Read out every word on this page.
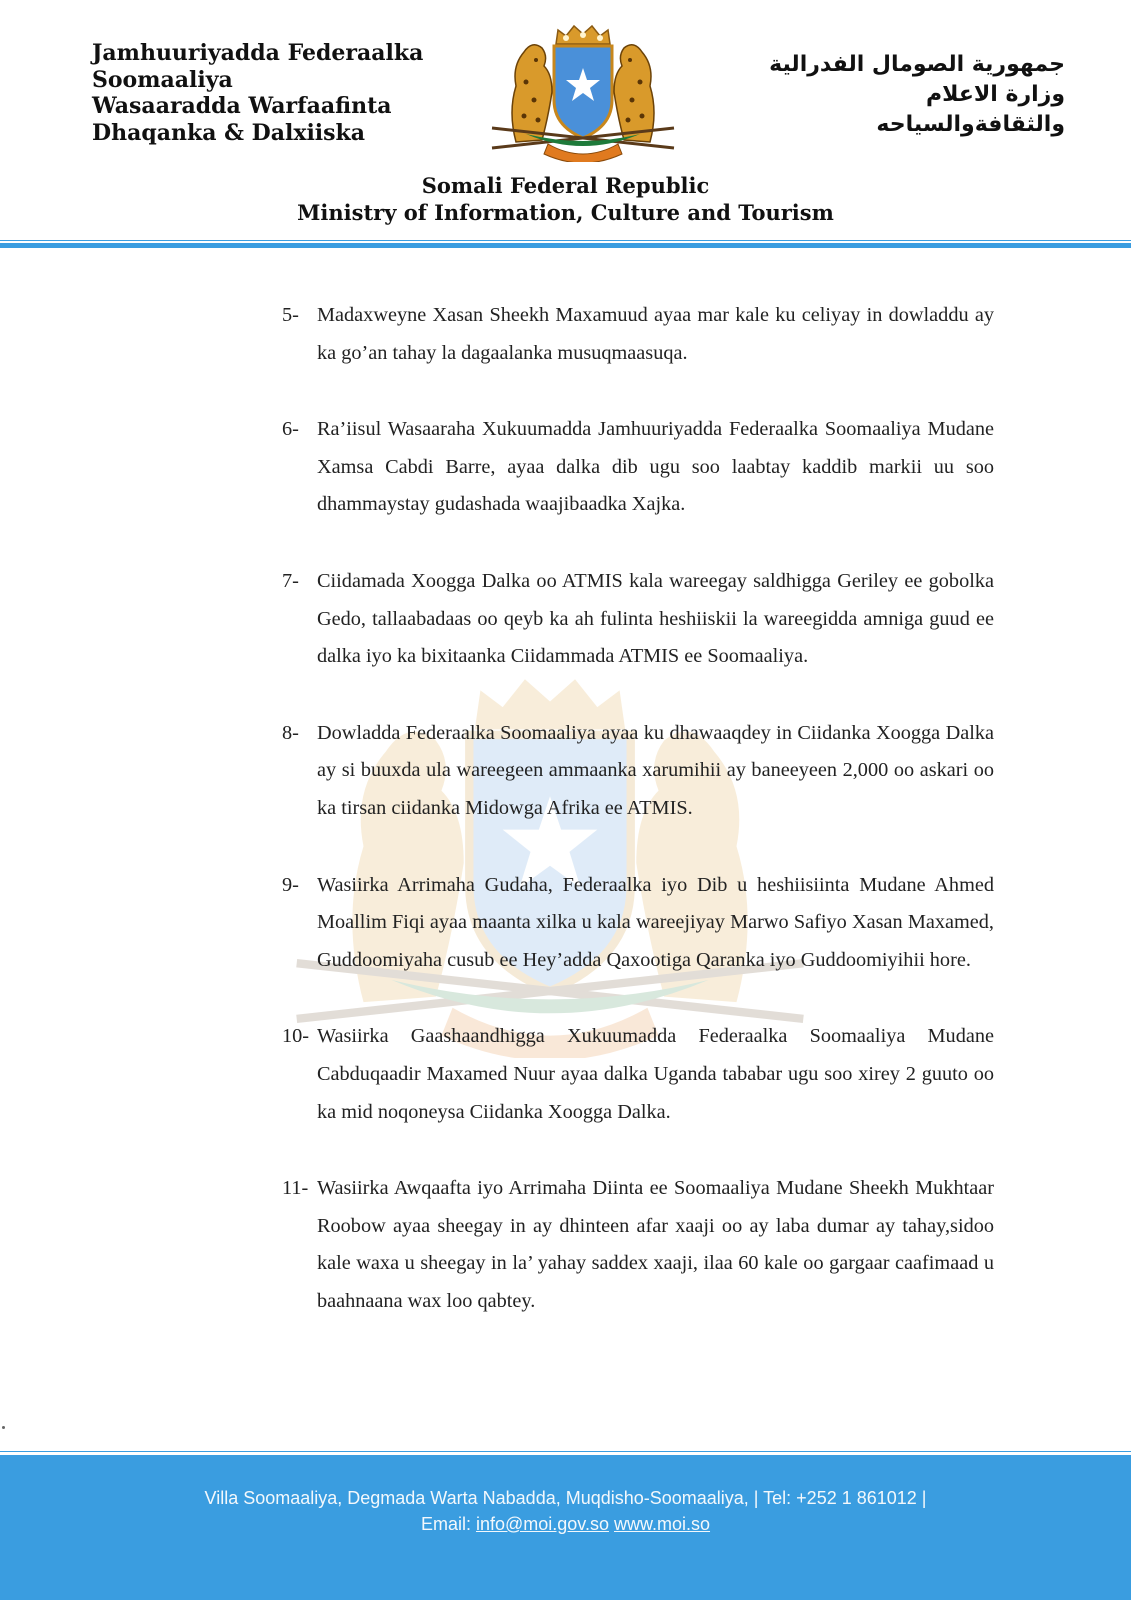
Jamhuuriyadda Federaalka
Soomaaliya
Wasaaradda Warfaafinta
Dhaqanka & Dalxiiska
جمهورية الصومال الفدرالية
وزارة الاعلام
والثقافةوالسياحه
Somali Federal Republic
Ministry of Information, Culture and Tourism
5- Madaxweyne Xasan Sheekh Maxamuud ayaa mar kale ku celiyay in dowladdu ay ka go’an tahay la dagaalanka musuqmaasuqa.
6- Ra’iisul Wasaaraha Xukuumadda Jamhuuriyadda Federaalka Soomaaliya Mudane Xamsa Cabdi Barre, ayaa dalka dib ugu soo laabtay kaddib markii uu soo dhammaystay gudashada waajibaadka Xajka.
7- Ciidamada Xoogga Dalka oo ATMIS kala wareegay saldhigga Geriley ee gobolka Gedo, tallaabadaas oo qeyb ka ah fulinta heshiiskii la wareegidda amniga guud ee dalka iyo ka bixitaanka Ciidammada ATMIS ee Soomaaliya.
8- Dowladda Federaalka Soomaaliya ayaa ku dhawaaqdey in Ciidanka Xoogga Dalka ay si buuxda ula wareegeen ammaanka xarumihii ay baneeyeen 2,000 oo askari oo ka tirsan ciidanka Midowga Afrika ee ATMIS.
9- Wasiirka Arrimaha Gudaha, Federaalka iyo Dib u heshiisiinta Mudane Ahmed Moallim Fiqi ayaa maanta xilka u kala wareejiyay Marwo Safiyo Xasan Maxamed, Guddoomiyaha cusub ee Hey’adda Qaxootiga Qaranka iyo Guddoomiyihii hore.
10- Wasiirka Gaashaandhigga Xukuumadda Federaalka Soomaaliya Mudane Cabduqaadir Maxamed Nuur ayaa dalka Uganda tababar ugu soo xirey 2 guuto oo ka mid noqoneysa Ciidanka Xoogga Dalka.
11- Wasiirka Awqaafta iyo Arrimaha Diinta ee Soomaaliya Mudane Sheekh Mukhtaar Roobow ayaa sheegay in ay dhinteen afar xaaji oo ay laba dumar ay tahay,sidoo kale waxa u sheegay in la’ yahay saddex xaaji, ilaa 60 kale oo gargaar caafimaad u baahnaana wax loo qabtey.
Villa Soomaaliya, Degmada Warta Nabadda, Muqdisho-Soomaaliya, | Tel: +252 1 861012 |
Email: info@moi.gov.so www.moi.so
